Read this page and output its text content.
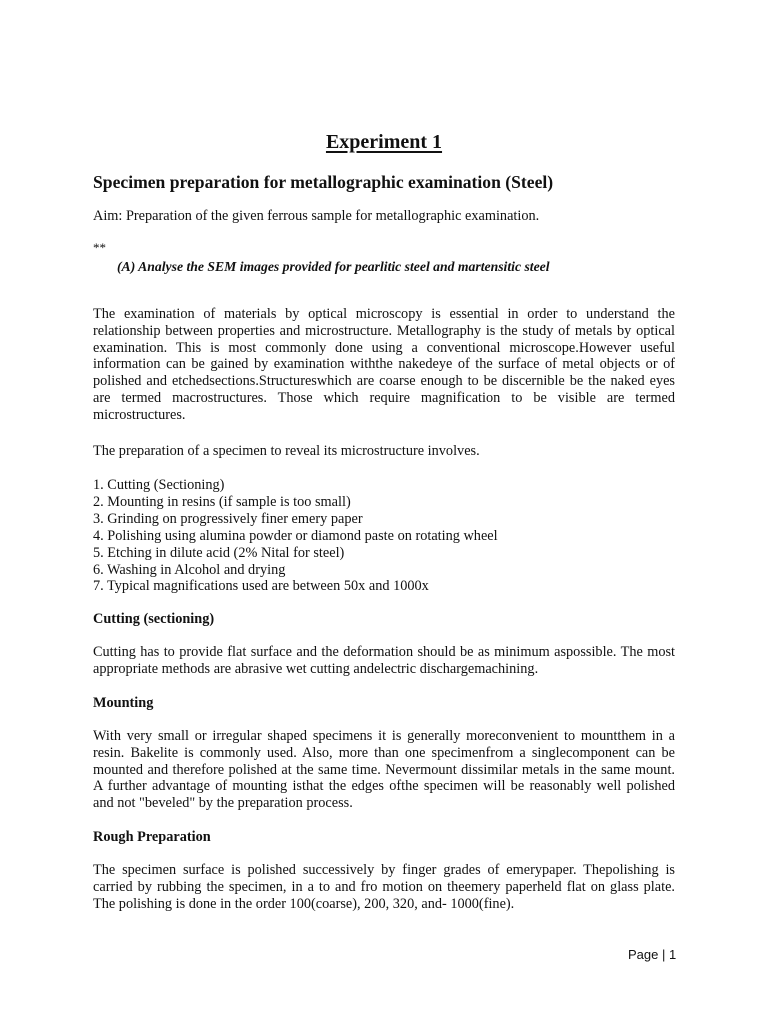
Experiment 1
Specimen preparation for metallographic examination (Steel)
Aim: Preparation of the given ferrous sample for metallographic examination.
**
(A) Analyse the SEM images provided for pearlitic steel and martensitic steel

The examination of materials by optical microscopy is essential in order to understand the relationship between properties and microstructure. Metallography is the study of metals by optical examination. This is most commonly done using a conventional microscope.However useful information can be gained by examination withthe nakedeye of the surface of metal objects or of polished and etchedsections.Structureswhich are coarse enough to be discernible be the naked eyes are termed macrostructures. Those which require magnification to be visible are termed microstructures.

The preparation of a specimen to reveal its microstructure involves.
1. Cutting (Sectioning)
2. Mounting in resins (if sample is too small)
3. Grinding on progressively finer emery paper
4. Polishing using alumina powder or diamond paste on rotating wheel
5. Etching in dilute acid (2% Nital for steel)
6. Washing in Alcohol and drying
7. Typical magnifications used are between 50x and 1000x
Cutting (sectioning)

Cutting has to provide flat surface and the deformation should be as minimum aspossible. The most appropriate methods are abrasive wet cutting andelectric dischargemachining.

Mounting

With very small or irregular shaped specimens it is generally moreconvenient to mountthem in a resin. Bakelite is commonly used. Also, more than one specimenfrom a singlecomponent can be mounted and therefore polished at the same time. Nevermount dissimilar metals in the same mount. A further advantage of mounting isthat the edges ofthe specimen will be reasonably well polished and not "beveled" by the preparation process.

Rough Preparation

The specimen surface is polished successively by finger grades of emerypaper. Thepolishing is carried by rubbing the specimen, in a to and fro motion on theemery paperheld flat on glass plate. The polishing is done in the order 100(coarse), 200, 320, and- 1000(fine).

Page | 1
